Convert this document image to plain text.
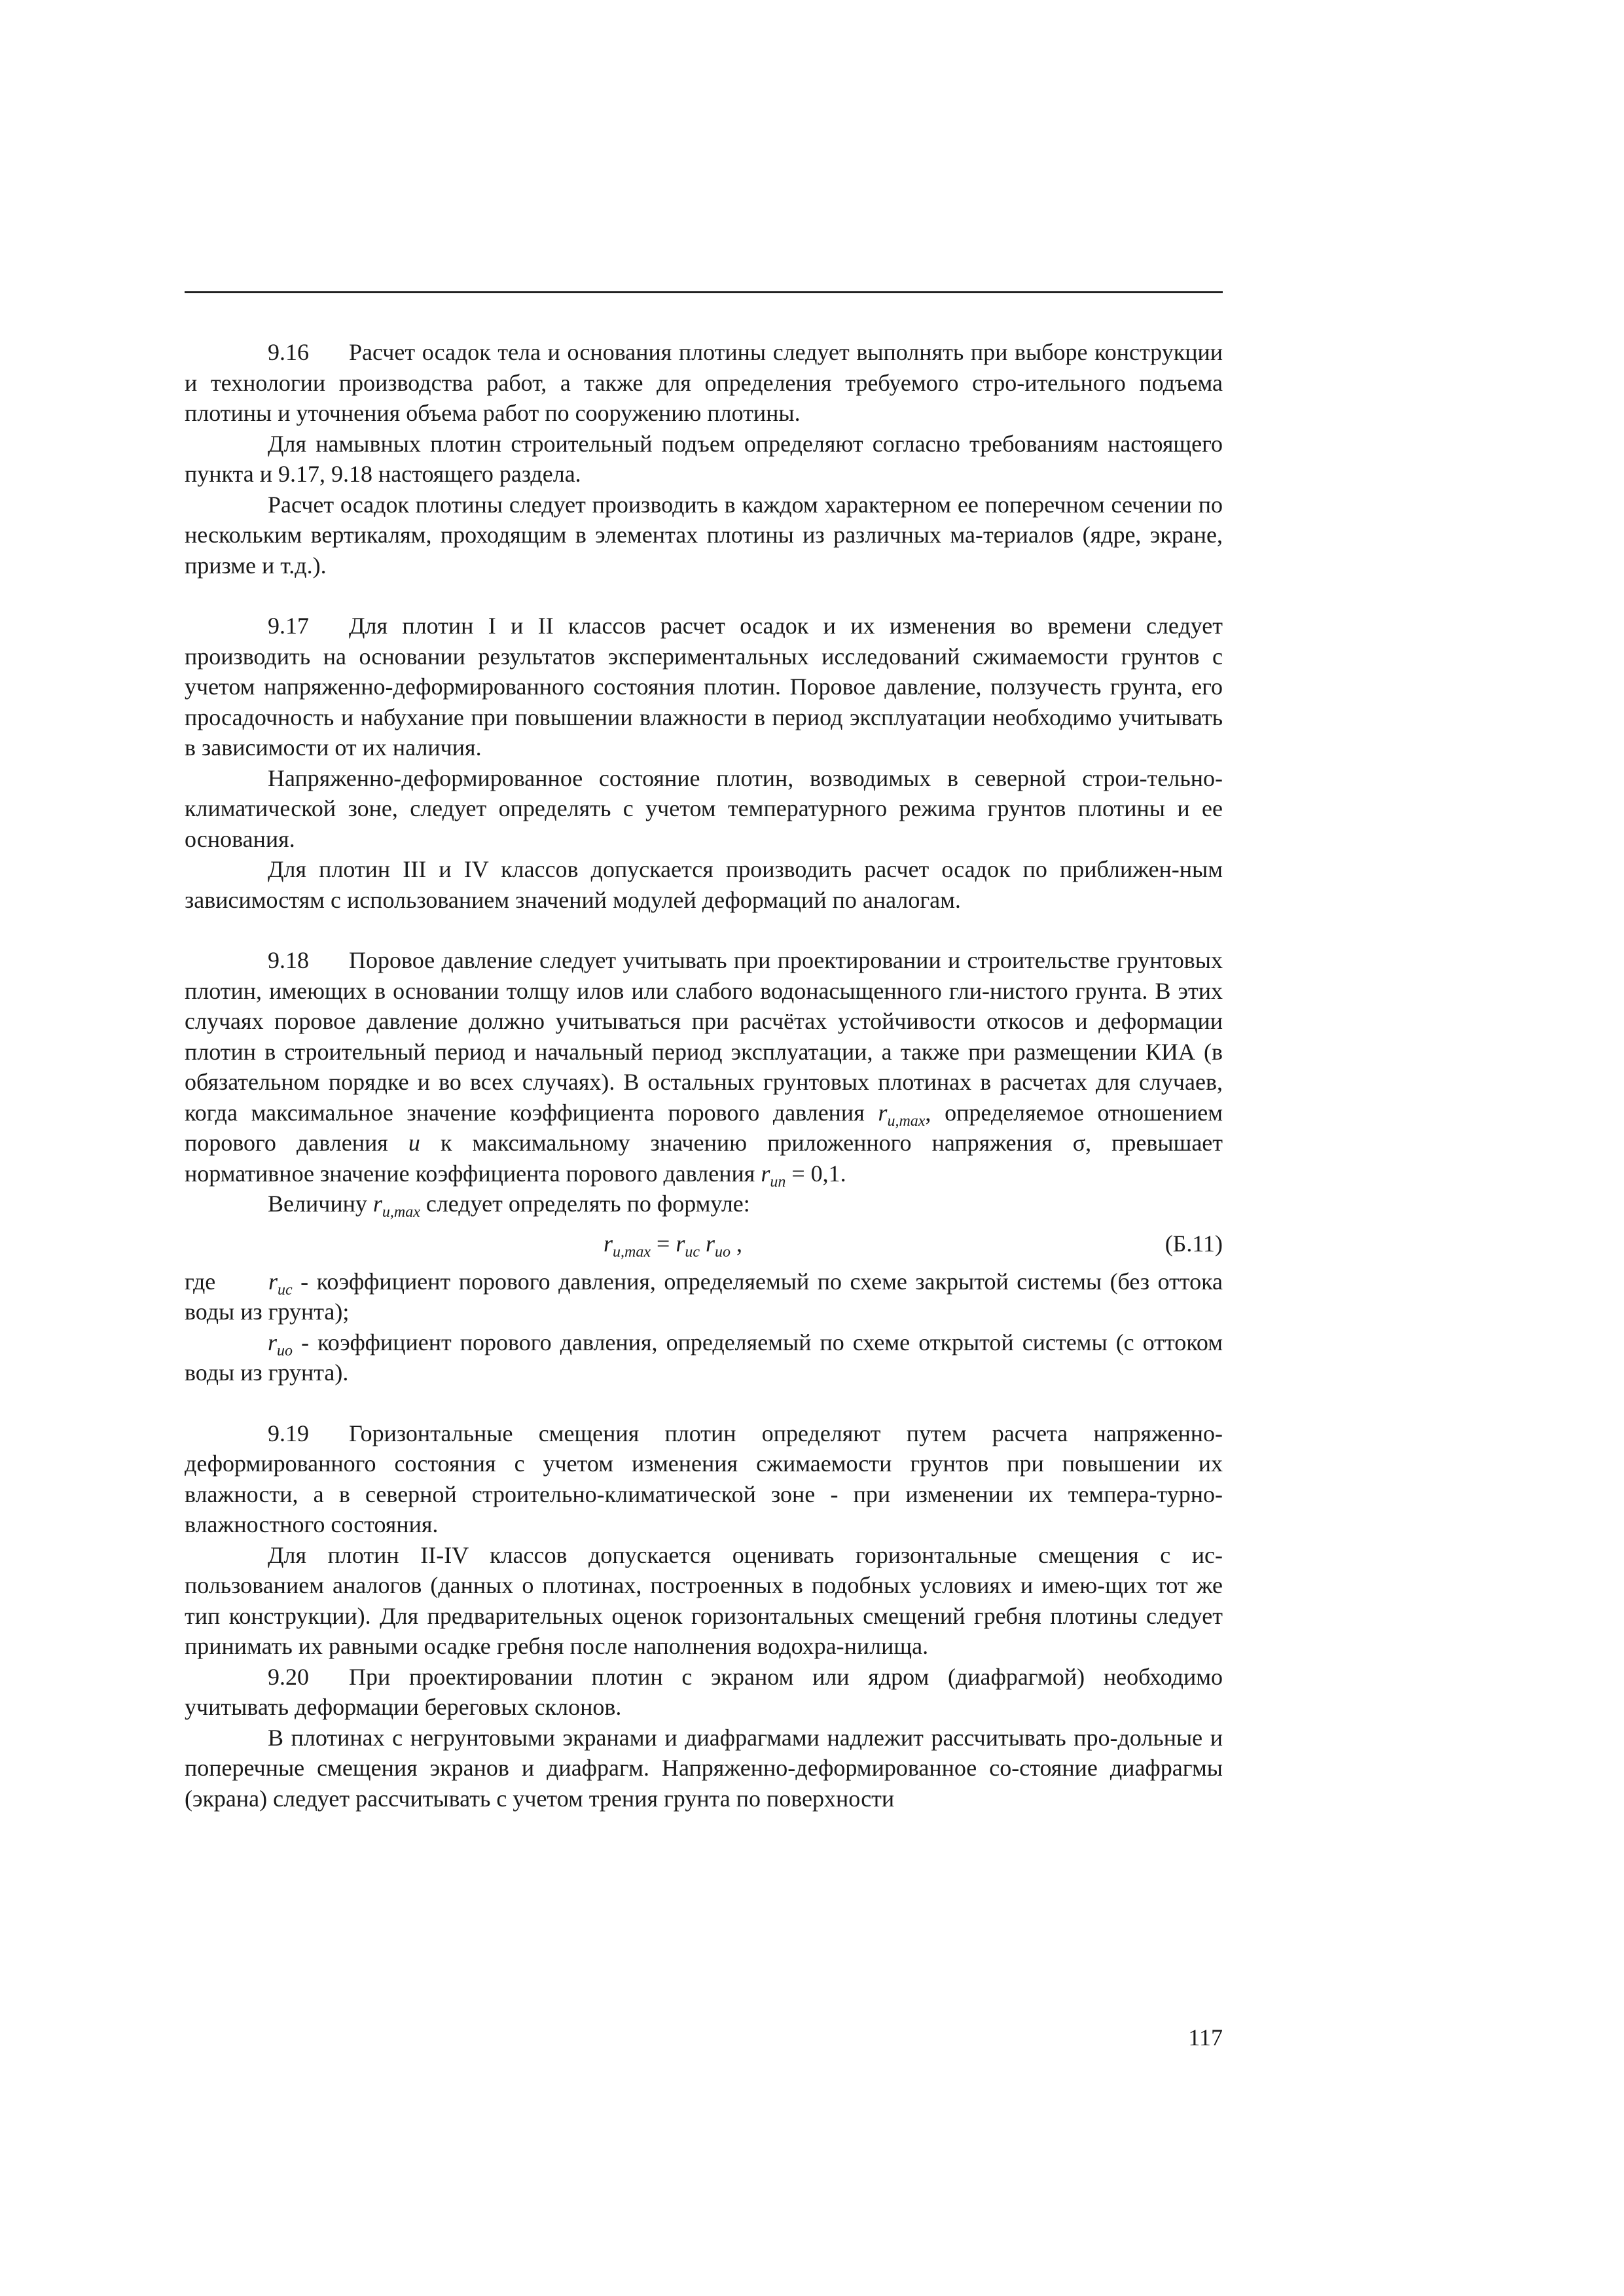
9.16 Расчет осадок тела и основания плотины следует выполнять при выборе конструкции и технологии производства работ, а также для определения требуемого стро-ительного подъема плотины и уточнения объема работ по сооружению плотины.

Для намывных плотин строительный подъем определяют согласно требованиям настоящего пункта и 9.17, 9.18 настоящего раздела.

Расчет осадок плотины следует производить в каждом характерном ее поперечном сечении по нескольким вертикалям, проходящим в элементах плотины из различных ма-териалов (ядре, экране, призме и т.д.).

9.17 Для плотин I и II классов расчет осадок и их изменения во времени следует производить на основании результатов экспериментальных исследований сжимаемости грунтов с учетом напряженно-деформированного состояния плотин. Поровое давление, ползучесть грунта, его просадочность и набухание при повышении влажности в период эксплуатации необходимо учитывать в зависимости от их наличия.

Напряженно-деформированное состояние плотин, возводимых в северной строи-тельно-климатической зоне, следует определять с учетом температурного режима грунтов плотины и ее основания.

Для плотин III и IV классов допускается производить расчет осадок по приближен-ным зависимостям с использованием значений модулей деформаций по аналогам.

9.18 Поровое давление следует учитывать при проектировании и строительстве грунтовых плотин, имеющих в основании толщу илов или слабого водонасыщенного гли-нистого грунта. В этих случаях поровое давление должно учитываться при расчётах устойчивости откосов и деформации плотин в строительный период и начальный период эксплуатации, а также при размещении КИА (в обязательном порядке и во всех случаях). В остальных грунтовых плотинах в расчетах для случаев, когда максимальное значение коэффициента порового давления $r_{u,max}$, определяемое отношением порового давления u к максимальному значению приложенного напряжения σ, превышает нормативное значение коэффициента порового давления $r_{un} = 0,1$.

Величину $r_{u,max}$ следует определять по формуле:

$r_{u,max} = r_{uc}$ $r_{uo}$ ,	(Б.11)

где $r_{uc}$ - коэффициент порового давления, определяемый по схеме закрытой системы (без оттока воды из грунта);

$r_{uo}$ - коэффициент порового давления, определяемый по схеме открытой системы (с оттоком воды из грунта).

9.19 Горизонтальные смещения плотин определяют путем расчета напряженно-деформированного состояния с учетом изменения сжимаемости грунтов при повышении их влажности, а в северной строительно-климатической зоне - при изменении их темпера-турно-влажностного состояния.

Для плотин II-IV классов допускается оценивать горизонтальные смещения с ис-пользованием аналогов (данных о плотинах, построенных в подобных условиях и имею-щих тот же тип конструкции). Для предварительных оценок горизонтальных смещений гребня плотины следует принимать их равными осадке гребня после наполнения водохра-нилища.

9.20 При проектировании плотин с экраном или ядром (диафрагмой) необходимо учитывать деформации береговых склонов.

В плотинах с негрунтовыми экранами и диафрагмами надлежит рассчитывать про-дольные и поперечные смещения экранов и диафрагм. Напряженно-деформированное со-стояние диафрагмы (экрана) следует рассчитывать с учетом трения грунта по поверхности

117
